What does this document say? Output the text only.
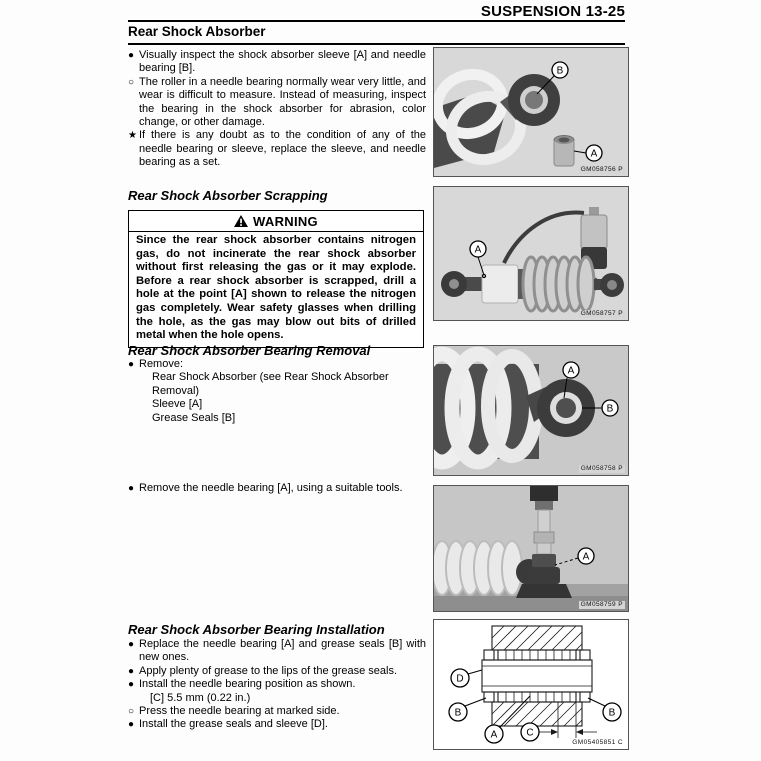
SUSPENSION 13-25
Rear Shock Absorber

● Visually inspect the shock absorber sleeve [A] and needle bearing [B].

○ The roller in a needle bearing normally wear very little, and wear is difficult to measure. Instead of measuring, inspect the bearing in the shock absorber for abrasion, color change, or other damage.

★ If there is any doubt as to the condition of any of the needle bearing or sleeve, replace the sleeve, and needle bearing as a set.

Rear Shock Absorber Scrapping
WARNING
Since the rear shock absorber contains nitrogen gas, do not incinerate the rear shock absorber without first releasing the gas or it may explode. Before a rear shock absorber is scrapped, drill a hole at the point [A] shown to release the nitrogen gas completely. Wear safety glasses when drilling the hole, as the gas may blow out bits of drilled metal when the hole opens.
Rear Shock Absorber Bearing Removal

● Remove:

Rear Shock Absorber (see Rear Shock Absorber Removal)

Sleeve [A]

Grease Seals [B]

● Remove the needle bearing [A], using a suitable tools.

Rear Shock Absorber Bearing Installation

● Replace the needle bearing [A] and grease seals [B] with new ones.

● Apply plenty of grease to the lips of the grease seals.

● Install the needle bearing position as shown.

[C] 5.5 mm (0.22 in.)

○ Press the needle bearing at marked side.

● Install the grease seals and sleeve [D].

B
A
GM058756 P
A
GM058757 P
A
B
GM058758 P
A
GM058759 P
D
B	B
A	C
GM05405851 C
